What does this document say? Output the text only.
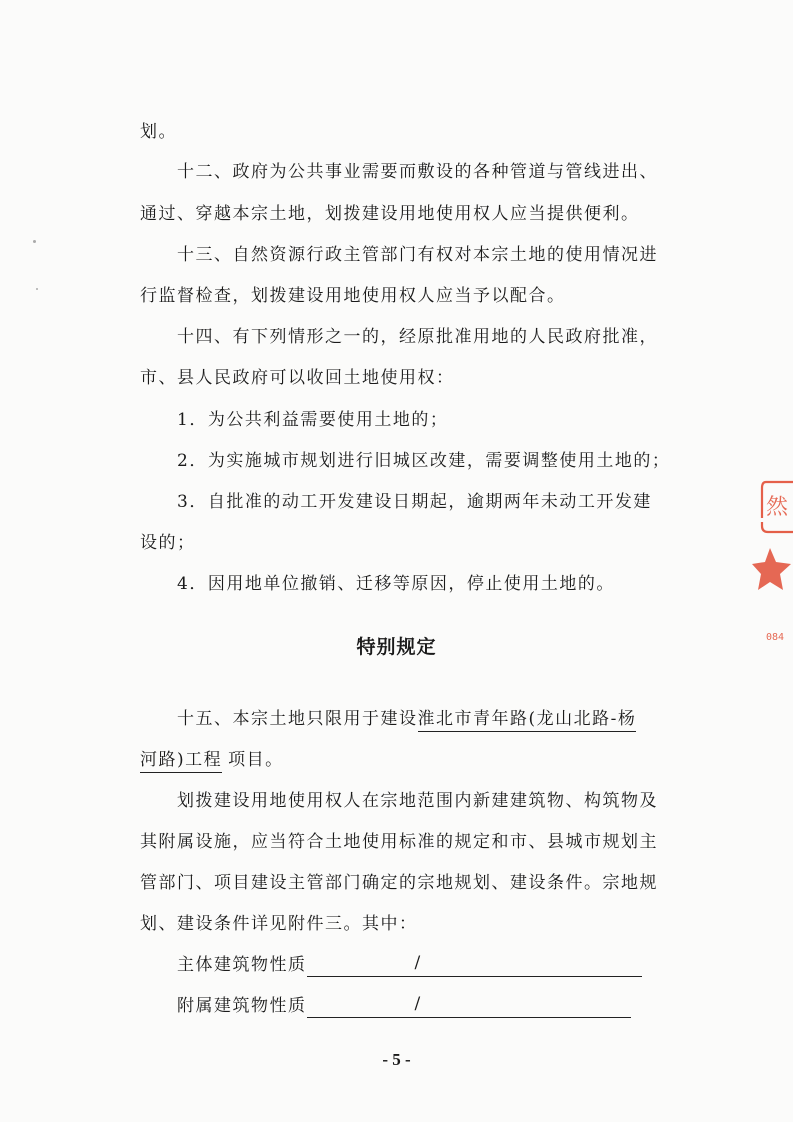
划。
十二、政府为公共事业需要而敷设的各种管道与管线进出、
通过、穿越本宗土地，划拨建设用地使用权人应当提供便利。
十三、自然资源行政主管部门有权对本宗土地的使用情况进
行监督检查，划拨建设用地使用权人应当予以配合。
十四、有下列情形之一的，经原批准用地的人民政府批准，
市、县人民政府可以收回土地使用权：
1．为公共利益需要使用土地的；
2．为实施城市规划进行旧城区改建，需要调整使用土地的；
3．自批准的动工开发建设日期起，逾期两年未动工开发建
设的；
4．因用地单位撤销、迁移等原因，停止使用土地的。
特别规定
十五、本宗土地只限用于建设淮北市青年路(龙山北路-杨
河路)工程项目。
划拨建设用地使用权人在宗地范围内新建建筑物、构筑物及
其附属设施，应当符合土地使用标准的规定和市、县城市规划主
管部门、项目建设主管部门确定的宗地规划、建设条件。宗地规
划、建设条件详见附件三。其中：
主体建筑物性质	/
附属建筑物性质	/
- 5 -
然
084
